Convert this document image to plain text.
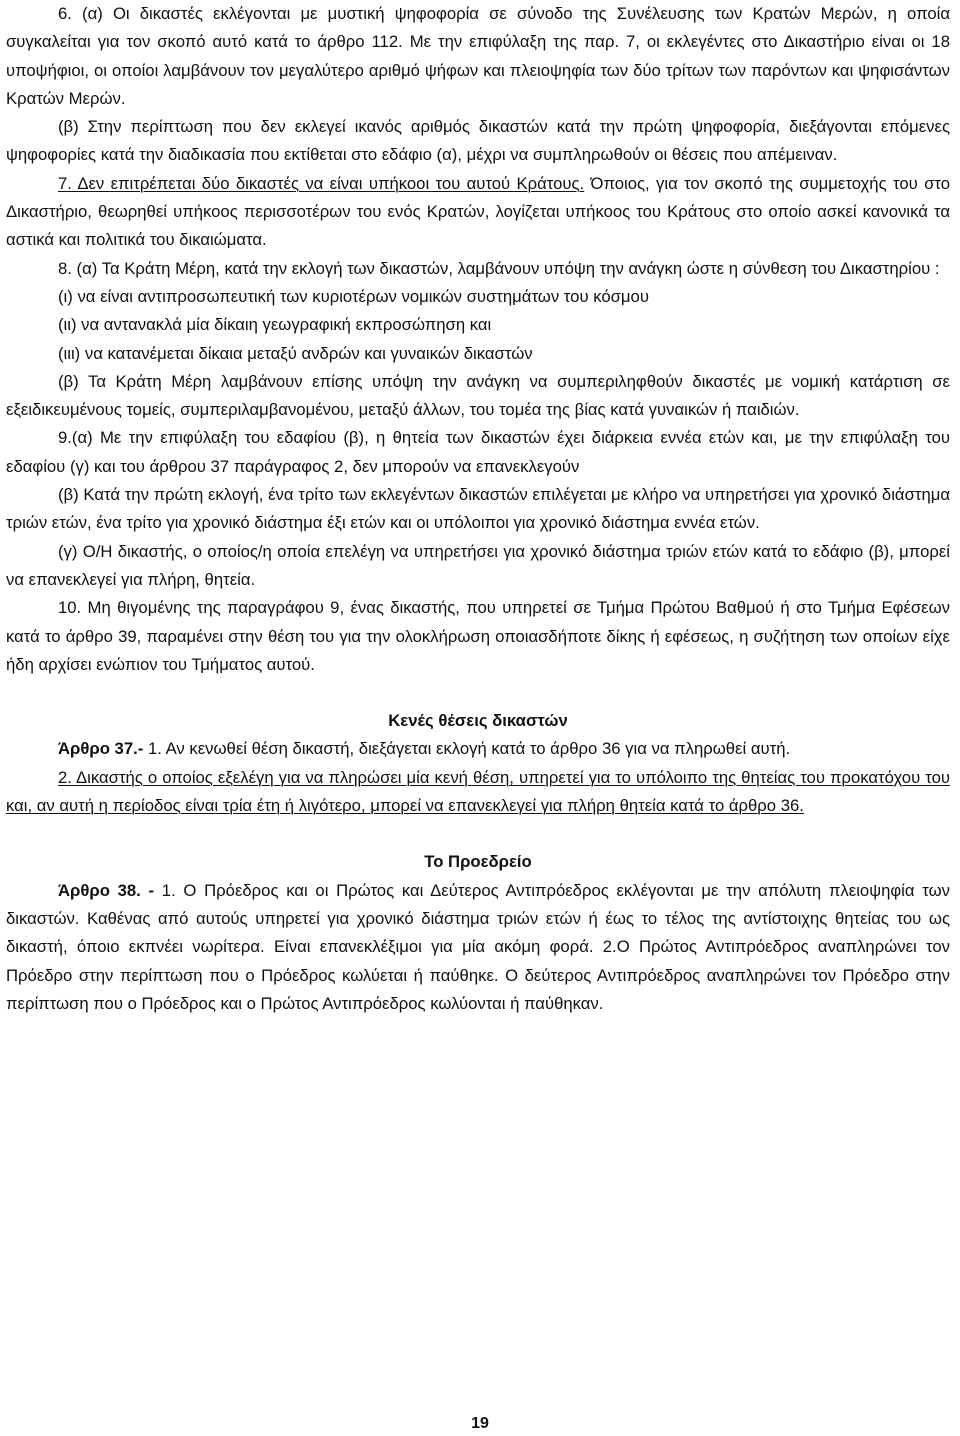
6. (α) Οι δικαστές εκλέγονται με μυστική ψηφοφορία σε σύνοδο της Συνέλευσης των Κρατών Μερών, η οποία συγκαλείται για τον σκοπό αυτό κατά το άρθρο 112. Με την επιφύλαξη της παρ. 7, οι εκλεγέντες στο Δικαστήριο είναι οι 18 υποψήφιοι, οι οποίοι λαμβάνουν τον μεγαλύτερο αριθμό ψήφων και πλειοψηφία των δύο τρίτων των παρόντων και ψηφισάντων Κρατών Μερών.

(β) Στην περίπτωση που δεν εκλεγεί ικανός αριθμός δικαστών κατά την πρώτη ψηφοφορία, διεξάγονται επόμενες ψηφοφορίες κατά την διαδικασία που εκτίθεται στο εδάφιο (α), μέχρι να συμπληρωθούν οι θέσεις που απέμειναν.

7. Δεν επιτρέπεται δύο δικαστές να είναι υπήκοοι του αυτού Κράτους. Όποιος, για τον σκοπό της συμμετοχής του στο Δικαστήριο, θεωρηθεί υπήκοος περισσοτέρων του ενός Κρατών, λογίζεται υπήκοος του Κράτους στο οποίο ασκεί κανονικά τα αστικά και πολιτικά του δικαιώματα.

8. (α) Τα Κράτη Μέρη, κατά την εκλογή των δικαστών, λαμβάνουν υπόψη την ανάγκη ώστε η σύνθεση του Δικαστηρίου :

(ι) να είναι αντιπροσωπευτική των κυριοτέρων νομικών συστημάτων του κόσμου

(ιι) να αντανακλά μία δίκαιη γεωγραφική εκπροσώπηση και

(ιιι) να κατανέμεται δίκαια μεταξύ ανδρών και γυναικών δικαστών

(β) Τα Κράτη Μέρη λαμβάνουν επίσης υπόψη την ανάγκη να συμπεριληφθούν δικαστές με νομική κατάρτιση σε εξειδικευμένους τομείς, συμπεριλαμβανομένου, μεταξύ άλλων, του τομέα της βίας κατά γυναικών ή παιδιών.

9.(α) Με την επιφύλαξη του εδαφίου (β), η θητεία των δικαστών έχει διάρκεια εννέα ετών και, με την επιφύλαξη του εδαφίου (γ) και του άρθρου 37 παράγραφος 2, δεν μπορούν να επανεκλεγούν

(β) Κατά την πρώτη εκλογή, ένα τρίτο των εκλεγέντων δικαστών επιλέγεται με κλήρο να υπηρετήσει για χρονικό διάστημα τριών ετών, ένα τρίτο για χρονικό διάστημα έξι ετών και οι υπόλοιποι για χρονικό διάστημα εννέα ετών.

(γ) Ο/Η δικαστής, ο οποίος/η οποία επελέγη να υπηρετήσει για χρονικό διάστημα τριών ετών κατά το εδάφιο (β), μπορεί να επανεκλεγεί για πλήρη, θητεία.

10. Μη θιγομένης της παραγράφου 9, ένας δικαστής, που υπηρετεί σε Τμήμα Πρώτου Βαθμού ή στο Τμήμα Εφέσεων κατά το άρθρο 39, παραμένει στην θέση του για την ολοκλήρωση οποιασδήποτε δίκης ή εφέσεως, η συζήτηση των οποίων είχε ήδη αρχίσει ενώπιον του Τμήματος αυτού.

Κενές θέσεις δικαστών

Άρθρο 37.- 1. Αν κενωθεί θέση δικαστή, διεξάγεται εκλογή κατά το άρθρο 36 για να πληρωθεί αυτή.

2. Δικαστής ο οποίος εξελέγη για να πληρώσει μία κενή θέση, υπηρετεί για το υπόλοιπο της θητείας του προκατόχου του και, αν αυτή η περίοδος είναι τρία έτη ή λιγότερο, μπορεί να επανεκλεγεί για πλήρη θητεία κατά το άρθρο 36.

Το Προεδρείο

Άρθρο 38. - 1. Ο Πρόεδρος και οι Πρώτος και Δεύτερος Αντιπρόεδρος εκλέγονται με την απόλυτη πλειοψηφία των δικαστών. Καθένας από αυτούς υπηρετεί για χρονικό διάστημα τριών ετών ή έως το τέλος της αντίστοιχης θητείας του ως δικαστή, όποιο εκπνέει νωρίτερα. Είναι επανεκλέξιμοι για μία ακόμη φορά. 2.Ο Πρώτος Αντιπρόεδρος αναπληρώνει τον Πρόεδρο στην περίπτωση που ο Πρόεδρος κωλύεται ή παύθηκε. Ο δεύτερος Αντιπρόεδρος αναπληρώνει τον Πρόεδρο στην περίπτωση που ο Πρόεδρος και ο Πρώτος Αντιπρόεδρος κωλύονται ή παύθηκαν.

19
